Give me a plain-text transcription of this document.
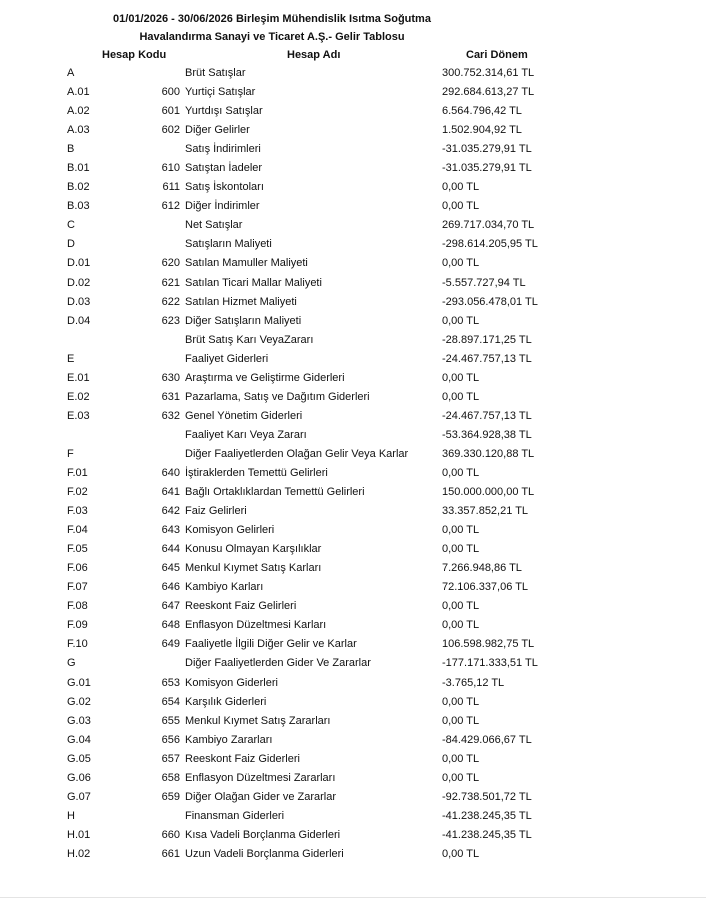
01/01/2026 - 30/06/2026 Birleşim Mühendislik Isıtma Soğutma
Havalandırma Sanayi ve Ticaret A.Ş.- Gelir Tablosu
Hesap Kodu	Hesap Adı	Cari Dönem
A	Brüt Satışlar	300.752.314,61 TL
A.01	600 Yurtiçi Satışlar	292.684.613,27 TL
A.02	601 Yurtdışı Satışlar	6.564.796,42 TL
A.03	602 Diğer Gelirler	1.502.904,92 TL
B	Satış İndirimleri	-31.035.279,91 TL
B.01	610 Satıştan İadeler	-31.035.279,91 TL
B.02	611 Satış İskontoları	0,00 TL
B.03	612 Diğer İndirimler	0,00 TL
C	Net Satışlar	269.717.034,70 TL
D	Satışların Maliyeti	-298.614.205,95 TL
D.01	620 Satılan Mamuller Maliyeti	0,00 TL
D.02	621 Satılan Ticari Mallar Maliyeti	-5.557.727,94 TL
D.03	622 Satılan Hizmet Maliyeti	-293.056.478,01 TL
D.04	623 Diğer Satışların Maliyeti	0,00 TL
Brüt Satış Karı VeyaZararı	-28.897.171,25 TL
E	Faaliyet Giderleri	-24.467.757,13 TL
E.01	630 Araştırma ve Geliştirme Giderleri	0,00 TL
E.02	631 Pazarlama, Satış ve Dağıtım Giderleri	0,00 TL
E.03	632 Genel Yönetim Giderleri	-24.467.757,13 TL
Faaliyet Karı Veya Zararı	-53.364.928,38 TL
F	Diğer Faaliyetlerden Olağan Gelir Veya Karlar	369.330.120,88 TL
F.01	640 İştiraklerden Temettü Gelirleri	0,00 TL
F.02	641 Bağlı Ortaklıklardan Temettü Gelirleri	150.000.000,00 TL
F.03	642 Faiz Gelirleri	33.357.852,21 TL
F.04	643 Komisyon Gelirleri	0,00 TL
F.05	644 Konusu Olmayan Karşılıklar	0,00 TL
F.06	645 Menkul Kıymet Satış Karları	7.266.948,86 TL
F.07	646 Kambiyo Karları	72.106.337,06 TL
F.08	647 Reeskont Faiz Gelirleri	0,00 TL
F.09	648 Enflasyon Düzeltmesi Karları	0,00 TL
F.10	649 Faaliyetle İlgili Diğer Gelir ve Karlar	106.598.982,75 TL
G	Diğer Faaliyetlerden Gider Ve Zararlar	-177.171.333,51 TL
G.01	653 Komisyon Giderleri	-3.765,12 TL
G.02	654 Karşılık Giderleri	0,00 TL
G.03	655 Menkul Kıymet Satış Zararları	0,00 TL
G.04	656 Kambiyo Zararları	-84.429.066,67 TL
G.05	657 Reeskont Faiz Giderleri	0,00 TL
G.06	658 Enflasyon Düzeltmesi Zararları	0,00 TL
G.07	659 Diğer Olağan Gider ve Zararlar	-92.738.501,72 TL
H	Finansman Giderleri	-41.238.245,35 TL
H.01	660 Kısa Vadeli Borçlanma Giderleri	-41.238.245,35 TL
H.02	661 Uzun Vadeli Borçlanma Giderleri	0,00 TL
